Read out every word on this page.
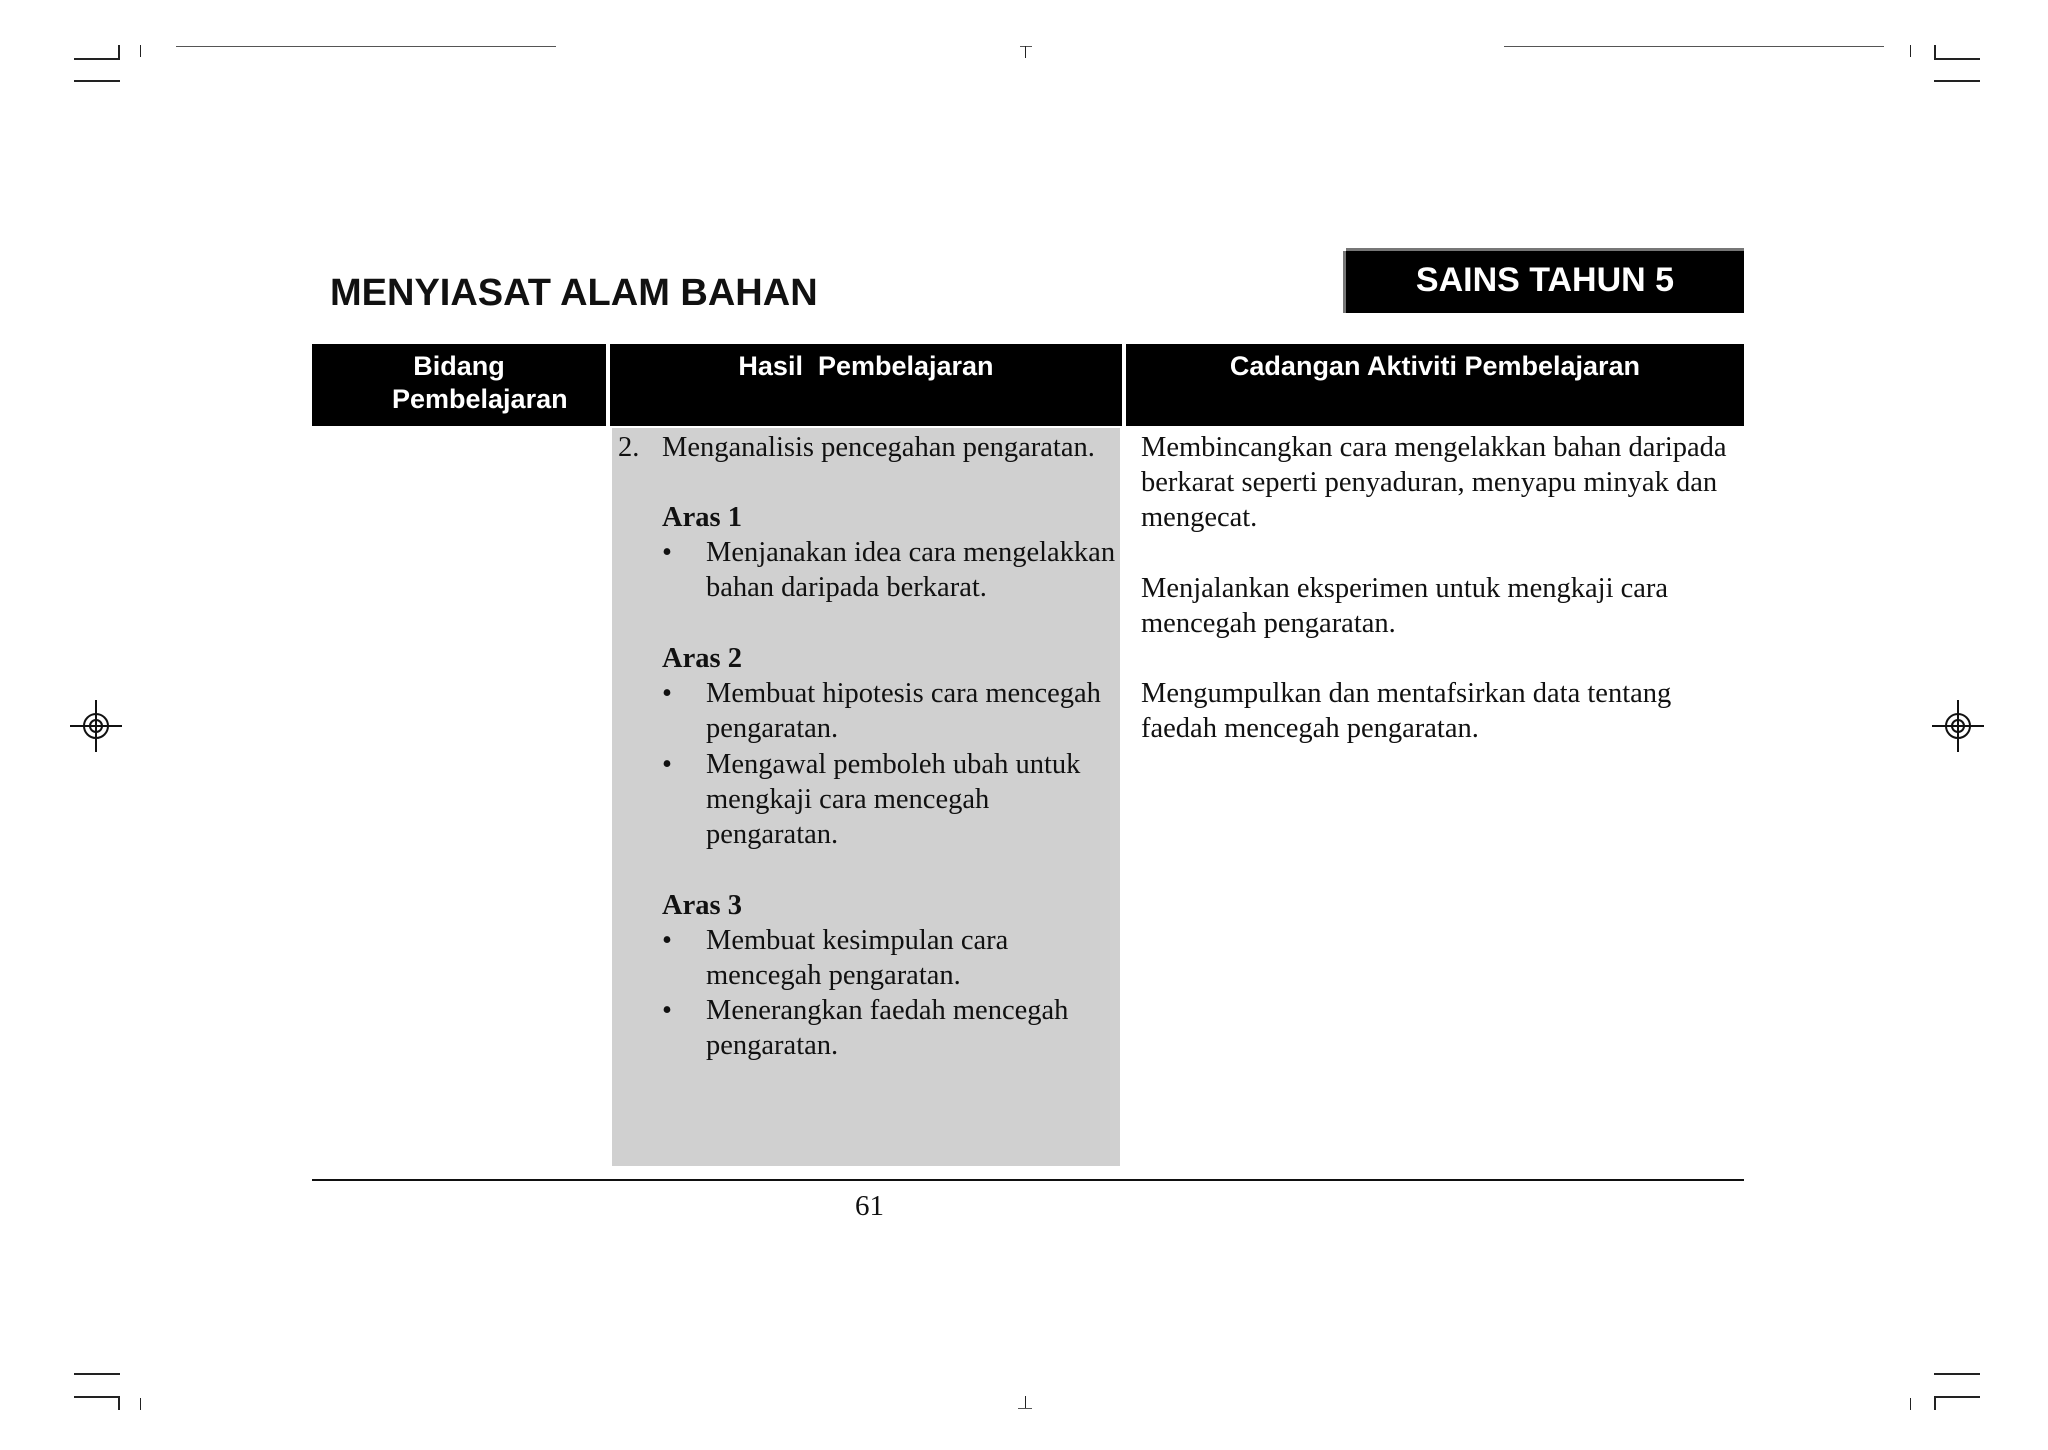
MENYIASAT ALAM BAHAN	SAINS TAHUN 5
Bidang Pembelajaran
Hasil  Pembelajaran	Cadangan Aktiviti Pembelajaran
2. Menganalisis pencegahan pengaratan.
Aras 1
• Menjanakan idea cara mengelakkan bahan daripada berkarat.
Aras 2
• Membuat hipotesis cara mencegah pengaratan.
• Mengawal pemboleh ubah untuk mengkaji cara mencegah pengaratan.
Aras 3
• Membuat kesimpulan cara mencegah pengaratan.
• Menerangkan faedah mencegah pengaratan.
Membincangkan cara mengelakkan bahan daripada berkarat seperti penyaduran, menyapu minyak dan mengecat.
Menjalankan eksperimen untuk mengkaji cara mencegah pengaratan.
Mengumpulkan dan mentafsirkan data tentang faedah mencegah pengaratan.
61
